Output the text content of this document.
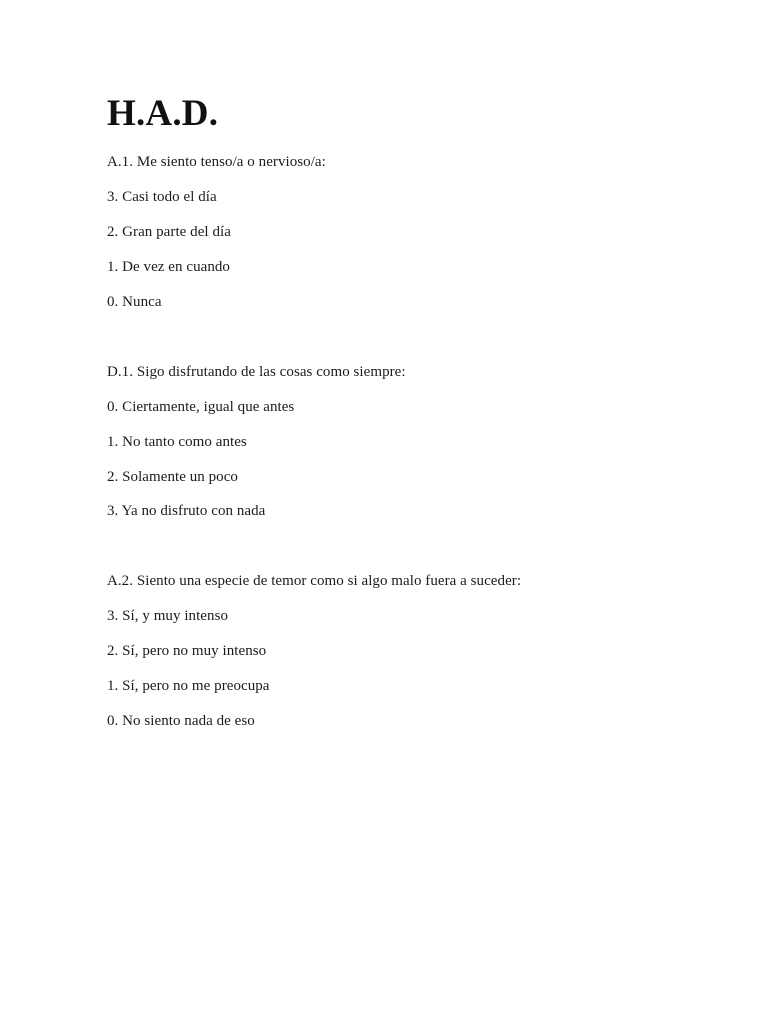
H.A.D.

A.1. Me siento tenso/a o nervioso/a:

3. Casi todo el día

2. Gran parte del día

1. De vez en cuando

0. Nunca

D.1. Sigo disfrutando de las cosas como siempre:

0. Ciertamente, igual que antes

1. No tanto como antes

2. Solamente un poco

3. Ya no disfruto con nada

A.2. Siento una especie de temor como si algo malo fuera a suceder:

3. Sí, y muy intenso

2. Sí, pero no muy intenso

1. Sí, pero no me preocupa

0. No siento nada de eso
